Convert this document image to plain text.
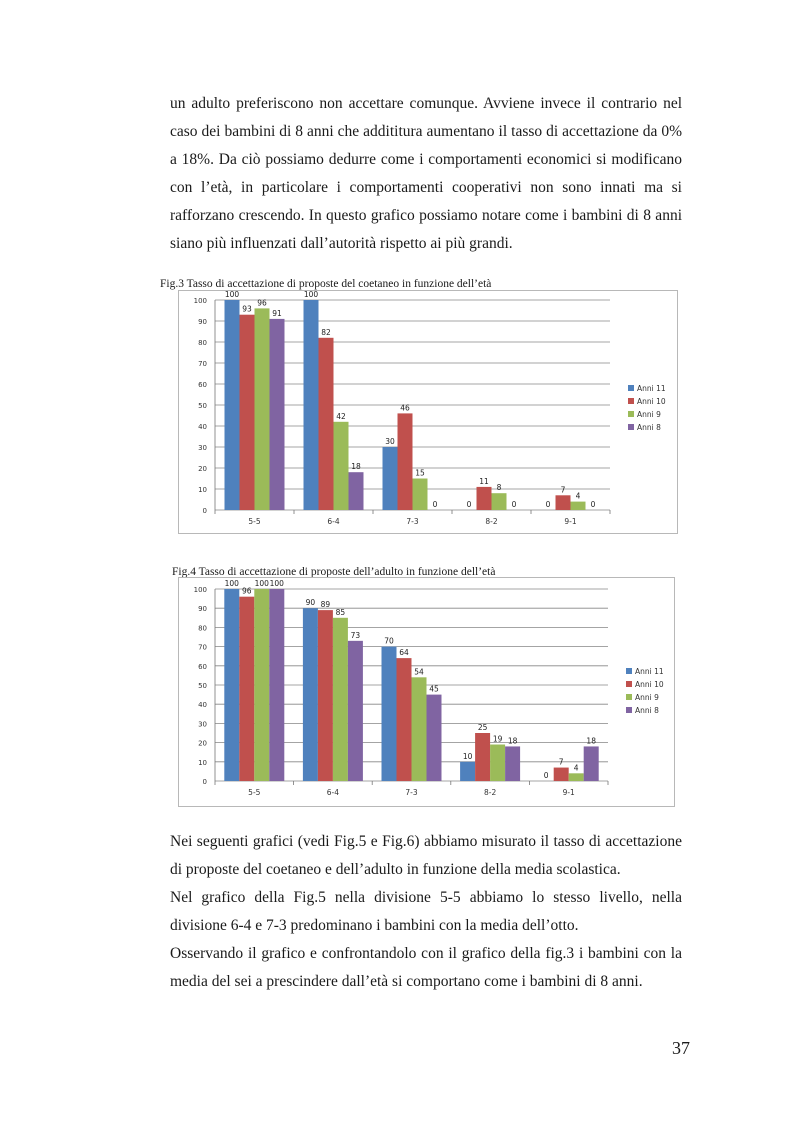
un adulto preferiscono non accettare comunque. Avviene invece il contrario nel caso dei bambini di 8 anni che addititura aumentano il tasso di accettazione da 0% a 18%. Da ciò possiamo dedurre come i comportamenti economici si modificano con l’età, in particolare i comportamenti cooperativi non sono innati ma si rafforzano crescendo. In questo grafico possiamo notare come i bambini di 8 anni siano più influenzati dall’autorità rispetto ai più grandi.

Fig.3 Tasso di accettazione di proposte del coetaneo in funzione dell’età
0
10
20
30
40
50
60
70
80
90
100
5-5
100
93
96
91
6-4
100
82
42
18
7-3
30
46
15
0
8-2
0
11
8
0
9-1
0
7
4
0
Anni 11
Anni 10
Anni 9
Anni 8
Fig.4 Tasso di accettazione di proposte dell’adulto in funzione dell’età
0
10
20
30
40
50
60
70
80
90
100
5-5
100
96
100 100
6-4
90 89
85
73
7-3
70
64
54
45
8-2
10
25
19 18
9-1
0
7
4
18
Anni 11
Anni 10
Anni 9
Anni 8

Nei seguenti grafici (vedi Fig.5 e Fig.6) abbiamo misurato il tasso di accettazione di proposte del coetaneo e dell’adulto in funzione della media scolastica.

Nel grafico della Fig.5 nella divisione 5-5 abbiamo lo stesso livello, nella divisione 6-4 e 7-3 predominano i bambini con la media dell’otto.

Osservando il grafico e confrontandolo con il grafico della fig.3 i bambini con la media del sei a prescindere dall’età si comportano come i bambini di 8 anni.

37
